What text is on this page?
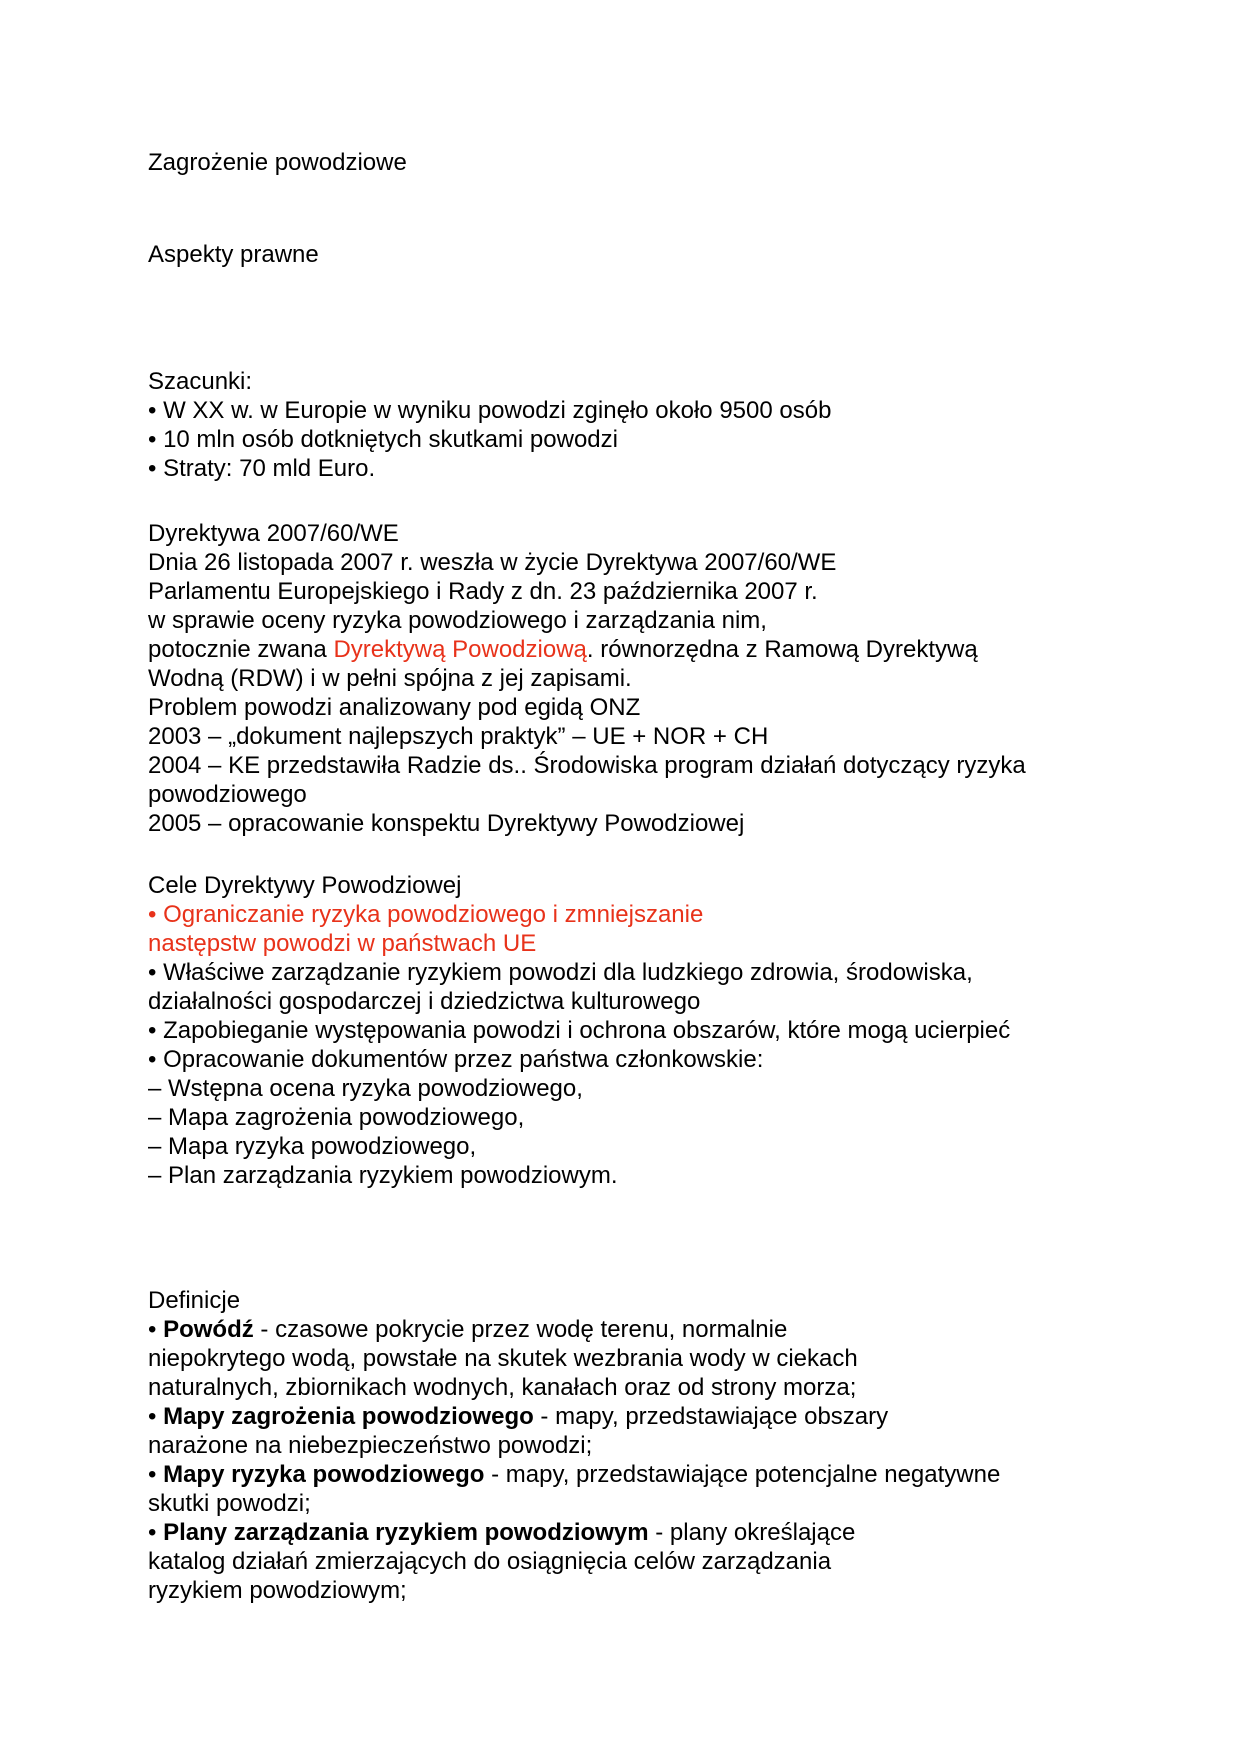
Zagrożenie powodziowe
Aspekty prawne
Szacunki:
• W XX w. w Europie w wyniku powodzi zginęło około 9500 osób
• 10 mln osób dotkniętych skutkami powodzi
• Straty: 70 mld Euro.
Dyrektywa 2007/60/WE
Dnia 26 listopada 2007 r. weszła w życie Dyrektywa 2007/60/WE
Parlamentu Europejskiego i Rady z dn. 23 października 2007 r.
w sprawie oceny ryzyka powodziowego i zarządzania nim,
potocznie zwana Dyrektywą Powodziową. równorzędna z Ramową Dyrektywą
Wodną (RDW) i w pełni spójna z jej zapisami.
Problem powodzi analizowany pod egidą ONZ
2003 – „dokument najlepszych praktyk” – UE + NOR + CH
2004 – KE przedstawiła Radzie ds.. Środowiska program działań dotyczący ryzyka
powodziowego
2005 – opracowanie konspektu Dyrektywy Powodziowej
Cele Dyrektywy Powodziowej
• Ograniczanie ryzyka powodziowego i zmniejszanie
następstw powodzi w państwach UE
• Właściwe zarządzanie ryzykiem powodzi dla ludzkiego zdrowia, środowiska,
działalności gospodarczej i dziedzictwa kulturowego
• Zapobieganie występowania powodzi i ochrona obszarów, które mogą ucierpieć
• Opracowanie dokumentów przez państwa członkowskie:
– Wstępna ocena ryzyka powodziowego,
– Mapa zagrożenia powodziowego,
– Mapa ryzyka powodziowego,
– Plan zarządzania ryzykiem powodziowym.
Definicje
• Powódź - czasowe pokrycie przez wodę terenu, normalnie
niepokrytego wodą, powstałe na skutek wezbrania wody w ciekach
naturalnych, zbiornikach wodnych, kanałach oraz od strony morza;
• Mapy zagrożenia powodziowego - mapy, przedstawiające obszary
narażone na niebezpieczeństwo powodzi;
• Mapy ryzyka powodziowego - mapy, przedstawiające potencjalne negatywne
skutki powodzi;
• Plany zarządzania ryzykiem powodziowym - plany określające
katalog działań zmierzających do osiągnięcia celów zarządzania
ryzykiem powodziowym;
